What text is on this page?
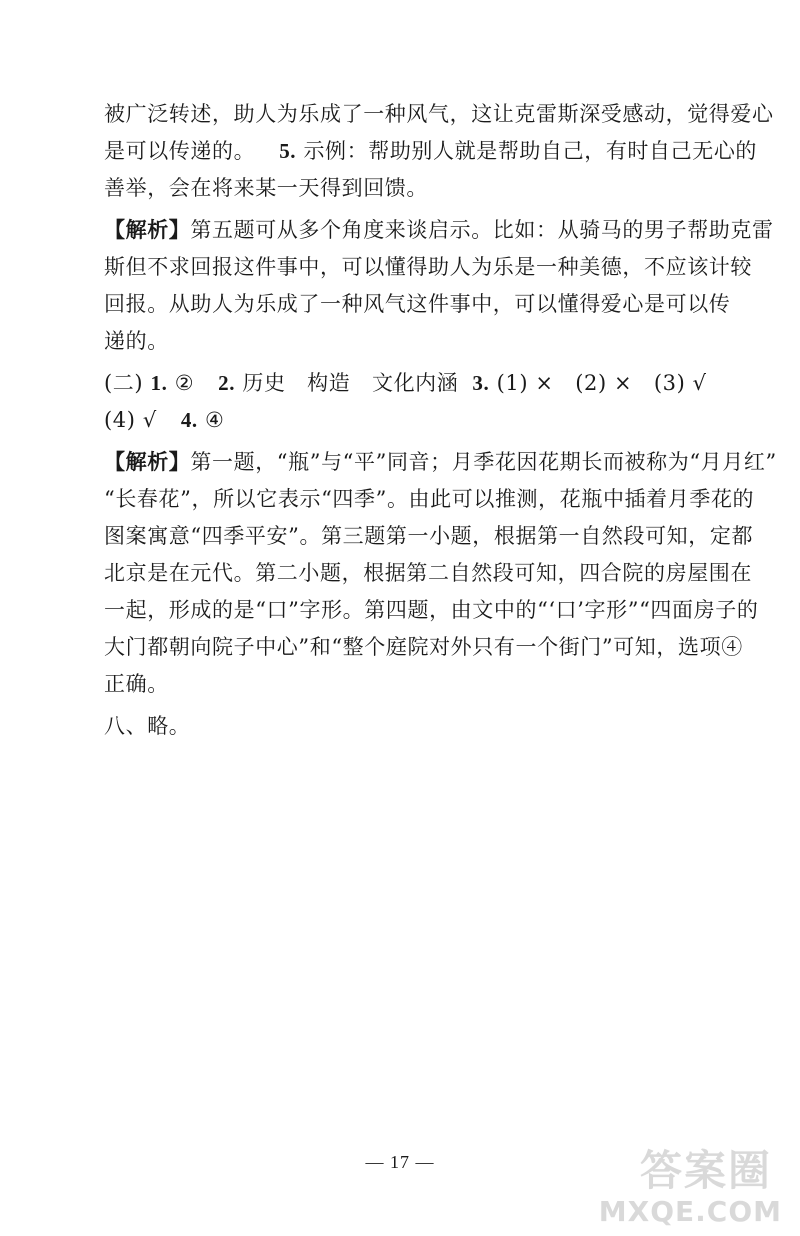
被广泛转述，助人为乐成了一种风气，这让克雷斯深受感动，觉得爱心
是可以传递的。 5. 示例：帮助别人就是帮助自己，有时自己无心的
善举，会在将来某一天得到回馈。

【解析】第五题可从多个角度来谈启示。比如：从骑马的男子帮助克雷
斯但不求回报这件事中，可以懂得助人为乐是一种美德，不应该计较
回报。从助人为乐成了一种风气这件事中，可以懂得爱心是可以传
递的。

(二) 1. ② 2. 历史　构造　文化内涵 3. (1) ×　(2) ×　(3) √
(4) √ 4. ④

【解析】第一题，“瓶”与“平”同音；月季花因花期长而被称为“月月红”
“长春花”，所以它表示“四季”。由此可以推测，花瓶中插着月季花的
图案寓意“四季平安”。第三题第一小题，根据第一自然段可知，定都
北京是在元代。第二小题，根据第二自然段可知，四合院的房屋围在
一起，形成的是“口”字形。第四题，由文中的“‘口’字形”“四面房子的
大门都朝向院子中心”和“整个庭院对外只有一个街门”可知，选项④
正确。

八、略。

— 17 —	答案圈
MXQE.COM
